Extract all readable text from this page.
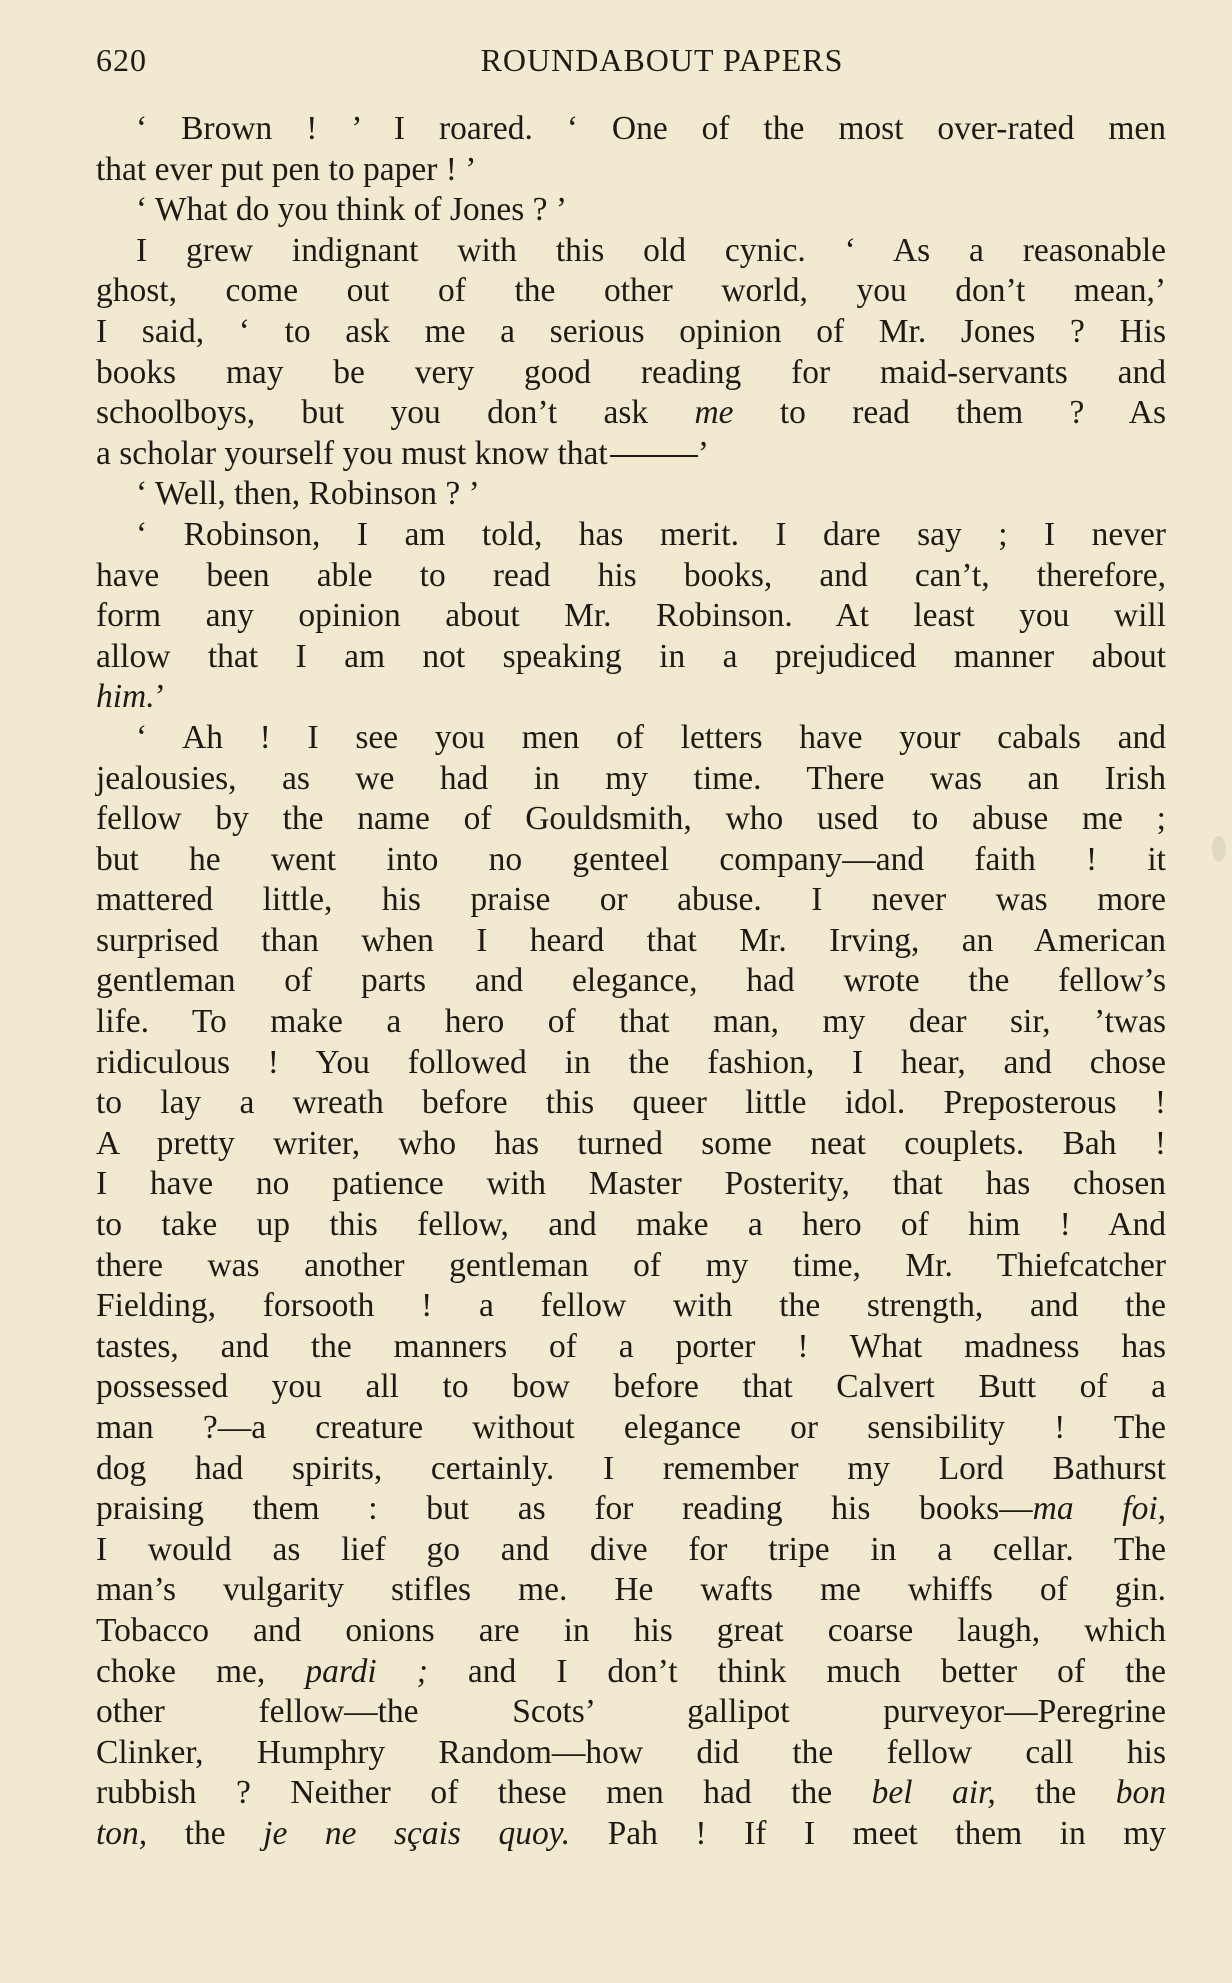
620	ROUNDABOUT PAPERS
‘ Brown ! ’ I roared. ‘ One of the most over-rated men
that ever put pen to paper ! ’
‘ What do you think of Jones ? ’
I grew indignant with this old cynic. ‘ As a reasonable
ghost, come out of the other world, you don’t mean,’
I said, ‘ to ask me a serious opinion of Mr. Jones ? His
books may be very good reading for maid-servants and
schoolboys, but you don’t ask me to read them ? As
a scholar yourself you must know that	’
‘ Well, then, Robinson ? ’
‘ Robinson, I am told, has merit. I dare say ; I never
have been able to read his books, and can’t, therefore,
form any opinion about Mr. Robinson. At least you will
allow that I am not speaking in a prejudiced manner about
him.’
‘ Ah ! I see you men of letters have your cabals and
jealousies, as we had in my time. There was an Irish
fellow by the name of Gouldsmith, who used to abuse me ;
but he went into no genteel company—and faith ! it
mattered little, his praise or abuse. I never was more
surprised than when I heard that Mr. Irving, an American
gentleman of parts and elegance, had wrote the fellow’s
life. To make a hero of that man, my dear sir, ’twas
ridiculous ! You followed in the fashion, I hear, and chose
to lay a wreath before this queer little idol. Preposterous !
A pretty writer, who has turned some neat couplets. Bah !
I have no patience with Master Posterity, that has chosen
to take up this fellow, and make a hero of him ! And
there was another gentleman of my time, Mr. Thiefcatcher
Fielding, forsooth ! a fellow with the strength, and the
tastes, and the manners of a porter ! What madness has
possessed you all to bow before that Calvert Butt of a
man ?—a creature without elegance or sensibility ! The
dog had spirits, certainly. I remember my Lord Bathurst
praising them : but as for reading his books—ma foi,
I would as lief go and dive for tripe in a cellar. The
man’s vulgarity stifles me. He wafts me whiffs of gin.
Tobacco and onions are in his great coarse laugh, which
choke me, pardi ; and I don’t think much better of the
other fellow—the Scots’ gallipot purveyor—Peregrine
Clinker, Humphry Random—how did the fellow call his
rubbish ? Neither of these men had the bel air, the bon
ton, the je ne sçais quoy. Pah ! If I meet them in my
